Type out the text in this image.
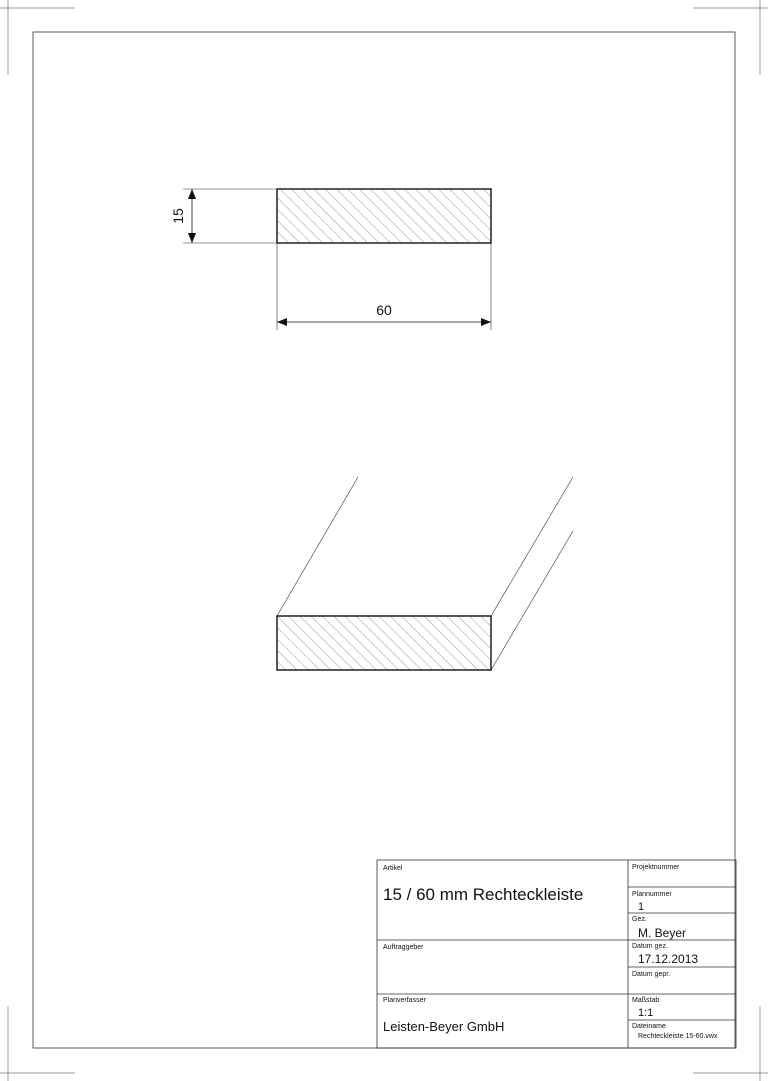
15
60
Artikel
15 / 60 mm Rechteckleiste
Projektnummer
Plannummer
1
Gez.
M. Beyer
Auftraggeber	Datum gez.
17.12.2013
Datum gepr.
Planverfasser
Leisten-Beyer GmbH
Maßstab
1:1
Dateiname
Rechteckleiste 15-60.vwx
